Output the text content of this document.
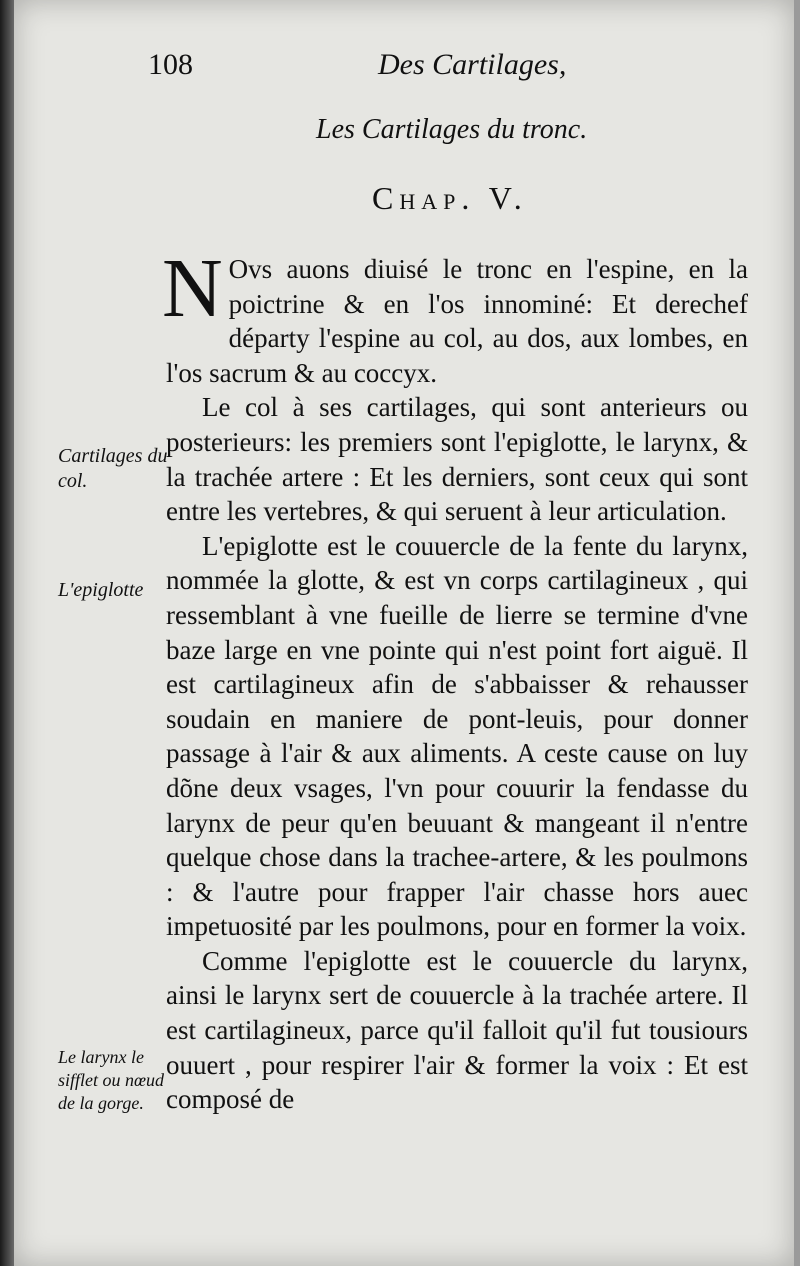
108	Des Cartilages,
Les Cartilages du tronc.
Chap. V.

N Ovs auons diuisé le tronc en l'espine, en la poictrine & en l'os innominé: Et derechef départy l'espine au col, au dos, aux lombes, en l'os sacrum & au coccyx.

Le col à ses cartilages, qui sont anterieurs ou posterieurs: les premiers sont l'epiglotte, le larynx, & la trachée artere : Et les derniers, sont ceux qui sont entre les vertebres, & qui seruent à leur articulation.

L'epiglotte est le couuercle de la fente du larynx, nommée la glotte, & est vn corps cartilagineux , qui ressemblant à vne fueille de lierre se termine d'vne baze large en vne pointe qui n'est point fort aiguë. Il est cartilagineux afin de s'abbaisser & rehausser soudain en maniere de pont-leuis, pour donner passage à l'air & aux aliments. A ceste cause on luy dõne deux vsages, l'vn pour couurir la fendasse du larynx de peur qu'en beuuant & mangeant il n'entre quelque chose dans la trachee-artere, & les poulmons : & l'autre pour frapper l'air chasse hors auec impetuosité par les poulmons, pour en former la voix.

Comme l'epiglotte est le couuercle du larynx, ainsi le larynx sert de couuercle à la trachée artere. Il est cartilagineux, parce qu'il falloit qu'il fut tousiours ouuert , pour respirer l'air & former la voix : Et est composé de

Cartilages du col.
L'epiglotte
Le larynx le sifflet ou nœud de la gorge.
